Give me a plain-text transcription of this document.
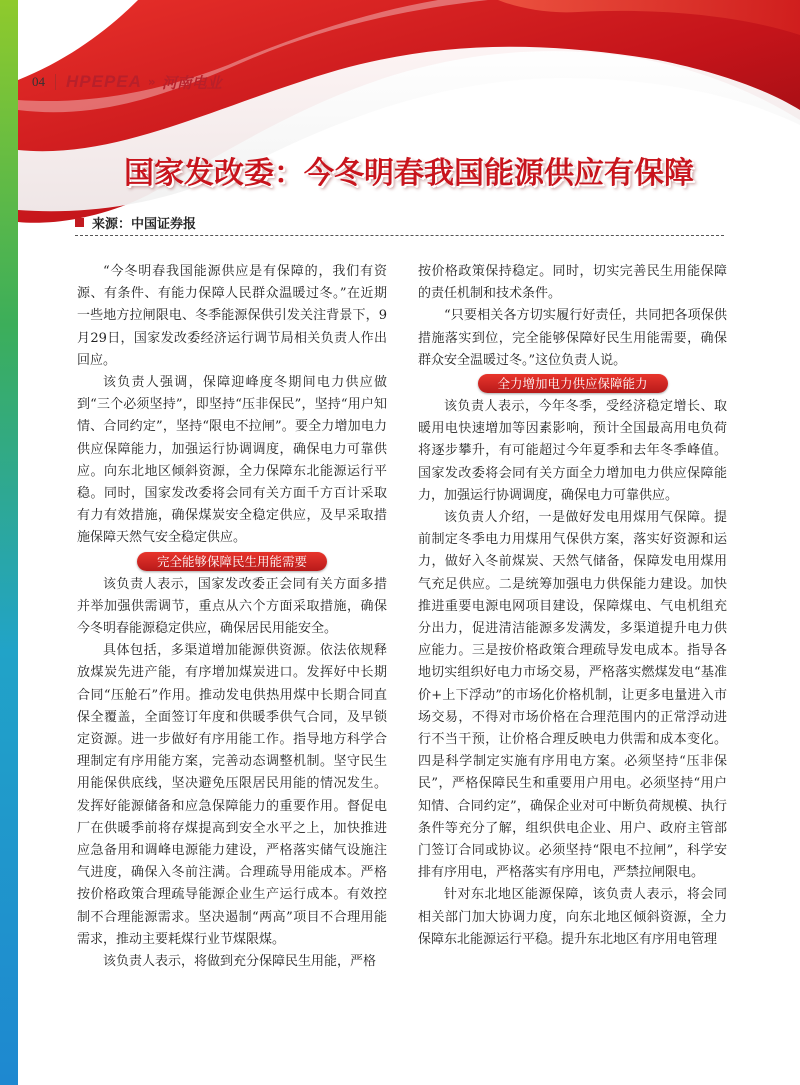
04	HPEPEA » 河南电业
国家发改委：今冬明春我国能源供应有保障
来源： 中国证券报

“今冬明春我国能源供应是有保障的，我们有资源、有条件、有能力保障人民群众温暖过冬。”在近期一些地方拉闸限电、冬季能源保供引发关注背景下，9月29日，国家发改委经济运行调节局相关负责人作出回应。

该负责人强调，保障迎峰度冬期间电力供应做到“三个必须坚持”，即坚持“压非保民”，坚持“用户知情、合同约定”，坚持“限电不拉闸”。要全力增加电力供应保障能力，加强运行协调调度，确保电力可靠供应。向东北地区倾斜资源，全力保障东北能源运行平稳。同时，国家发改委将会同有关方面千方百计采取有力有效措施，确保煤炭安全稳定供应，及早采取措施保障天然气安全稳定供应。

完全能够保障民生用能需要

该负责人表示，国家发改委正会同有关方面多措并举加强供需调节，重点从六个方面采取措施，确保今冬明春能源稳定供应，确保居民用能安全。

具体包括，多渠道增加能源供资源。依法依规释放煤炭先进产能，有序增加煤炭进口。发挥好中长期合同“压舱石”作用。推动发电供热用煤中长期合同直保全覆盖，全面签订年度和供暖季供气合同，及早锁定资源。进一步做好有序用能工作。指导地方科学合理制定有序用能方案，完善动态调整机制。坚守民生用能保供底线，坚决避免压限居民用能的情况发生。发挥好能源储备和应急保障能力的重要作用。督促电厂在供暖季前将存煤提高到安全水平之上，加快推进应急备用和调峰电源能力建设，严格落实储气设施注气进度，确保入冬前注满。合理疏导用能成本。严格按价格政策合理疏导能源企业生产运行成本。有效控制不合理能源需求。坚决遏制“两高”项目不合理用能需求，推动主要耗煤行业节煤限煤。

该负责人表示，将做到充分保障民生用能，严格

按价格政策保持稳定。同时，切实完善民生用能保障的责任机制和技术条件。

“只要相关各方切实履行好责任，共同把各项保供措施落实到位，完全能够保障好民生用能需要，确保群众安全温暖过冬。”这位负责人说。

全力增加电力供应保障能力

该负责人表示，今年冬季，受经济稳定增长、取暖用电快速增加等因素影响，预计全国最高用电负荷将逐步攀升，有可能超过今年夏季和去年冬季峰值。国家发改委将会同有关方面全力增加电力供应保障能力，加强运行协调调度，确保电力可靠供应。

该负责人介绍，一是做好发电用煤用气保障。提前制定冬季电力用煤用气保供方案，落实好资源和运力，做好入冬前煤炭、天然气储备，保障发电用煤用气充足供应。二是统筹加强电力供保能力建设。加快推进重要电源电网项目建设，保障煤电、气电机组充分出力，促进清洁能源多发满发，多渠道提升电力供应能力。三是按价格政策合理疏导发电成本。指导各地切实组织好电力市场交易，严格落实燃煤发电“基准价+上下浮动”的市场化价格机制，让更多电量进入市场交易，不得对市场价格在合理范围内的正常浮动进行不当干预，让价格合理反映电力供需和成本变化。四是科学制定实施有序用电方案。必须坚持“压非保民”，严格保障民生和重要用户用电。必须坚持“用户知情、合同约定”，确保企业对可中断负荷规模、执行条件等充分了解，组织供电企业、用户、政府主管部门签订合同或协议。必须坚持“限电不拉闸”，科学安排有序用电，严格落实有序用电，严禁拉闸限电。

针对东北地区能源保障，该负责人表示，将会同相关部门加大协调力度，向东北地区倾斜资源，全力保障东北能源运行平稳。提升东北地区有序用电管理
